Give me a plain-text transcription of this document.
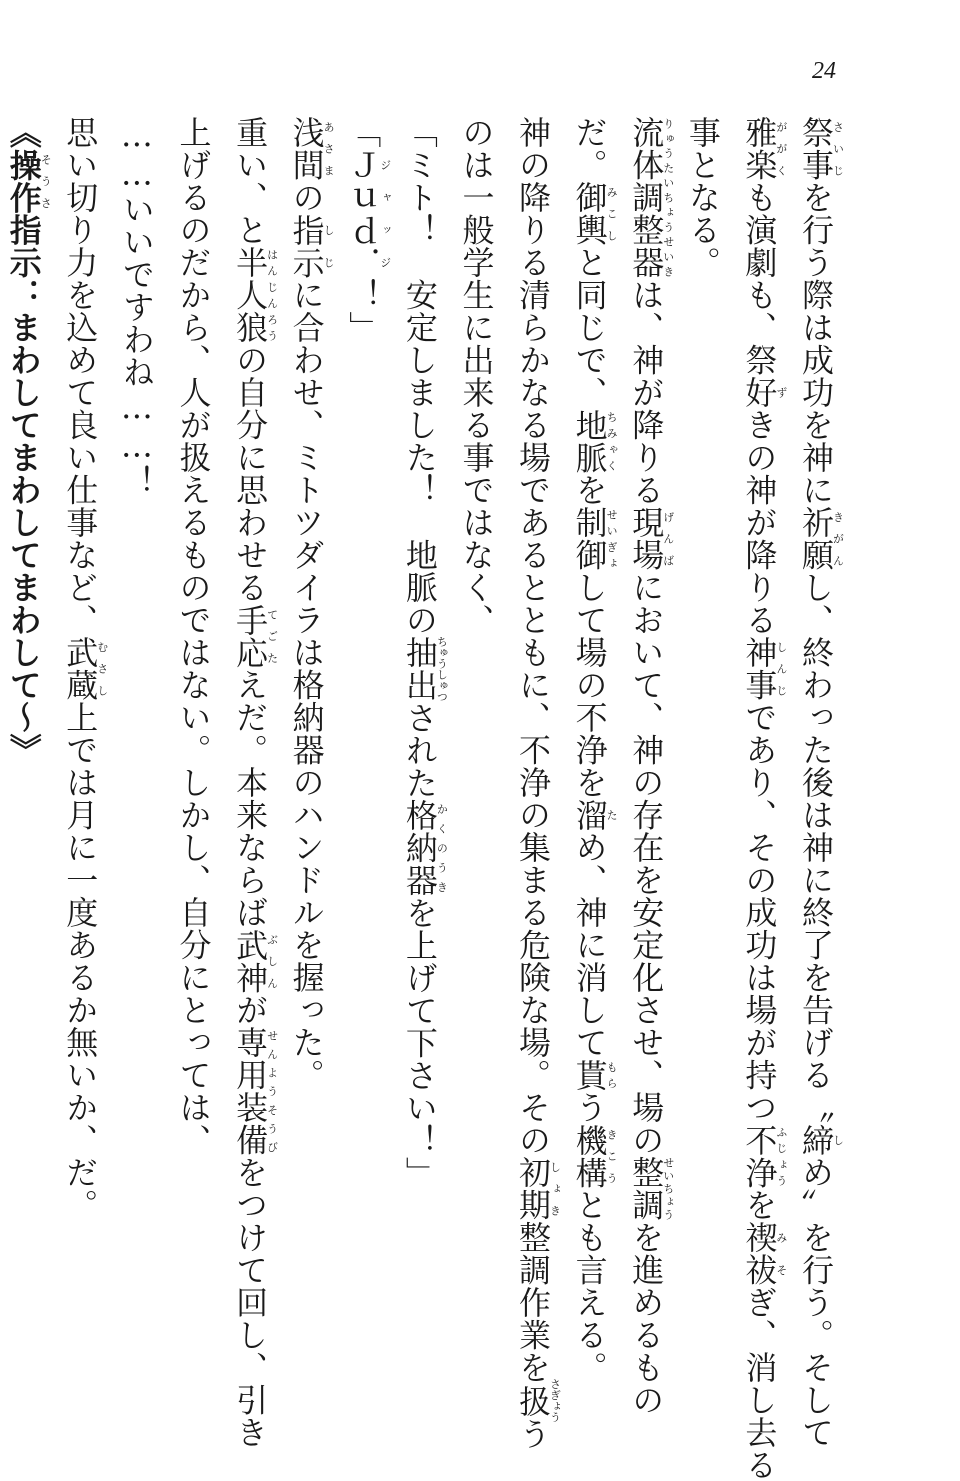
24

祭事さいじを行う際は成功を神に祈願きがんし、終わった後は神に終了を告げる〝締しめ〟を行う。そして

雅楽ががくも演劇も、祭好ずきの神が降りる神事しんじであり、その成功は場が持つ不浄ふじょうを禊祓みそぎ、消し去る

事となる。

流体調整器りゅうたいちょうせいきは、神が降りる現場げんばにおいて、神の存在を安定化させ、場の整調せいちょうを進めるもの

だ。御輿みこしと同じで、地脈ちみゃくを制御せいぎょして場の不浄を溜ため、神に消して貰もらう機構きこうとも言える。

神の降りる清らかなる場であるとともに、不浄の集まる危険な場。その初期しょき整調作業を扱さぎょうう

のは一般学生に出来る事ではなく、

「ミト！　安定しました！　地脈の抽出ちゅうしゅつされた格納器かくのうきを上げて下さい！」

「Ｊｕｄ．ジャッジ！」

浅間あさまの指示しじに合わせ、ミトツダイラは格納器のハンドルを握った。

重い、と半人狼はんじんろうの自分に思わせる手応てごたえだ。本来ならば武神ぶしんが専用装備せんようそうびをつけて回し、引き

上げるのだから、人が扱えるものではない。しかし、自分にとっては、

……いいですわね……！

思い切り力を込めて良い仕事など、武蔵むさし上では月に一度あるか無いか、だ。

《操作そうさ指示：まわしてまわしてまわして〜》
